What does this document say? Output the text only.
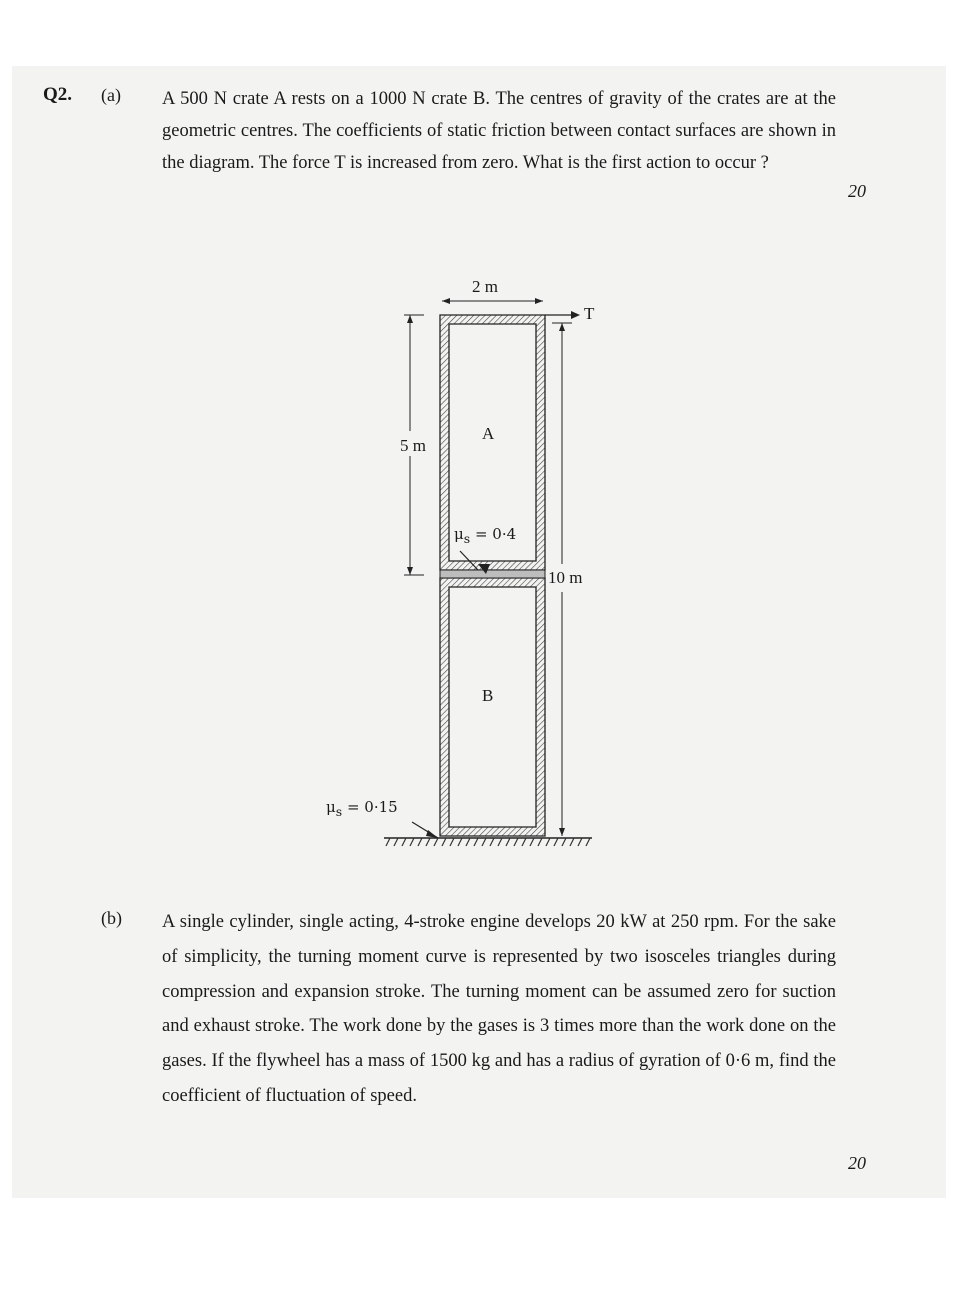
Q2. (a) A 500 N crate A rests on a 1000 N crate B. The centres of gravity of the crates are at the geometric centres. The coefficients of static friction between contact surfaces are shown in the diagram. The force T is increased from zero. What is the first action to occur ?
20
2 m
T
5 m
A
$\mu_s = 0\cdot 4$
10 m
B
$\mu_s = 0\cdot 15$
(b) A single cylinder, single acting, 4-stroke engine develops 20 kW at 250 rpm. For the sake of simplicity, the turning moment curve is represented by two isosceles triangles during compression and expansion stroke. The turning moment can be assumed zero for suction and exhaust stroke. The work done by the gases is 3 times more than the work done on the gases. If the flywheel has a mass of 1500 kg and has a radius of gyration of 0·6 m, find the coefficient of fluctuation of speed.
20
